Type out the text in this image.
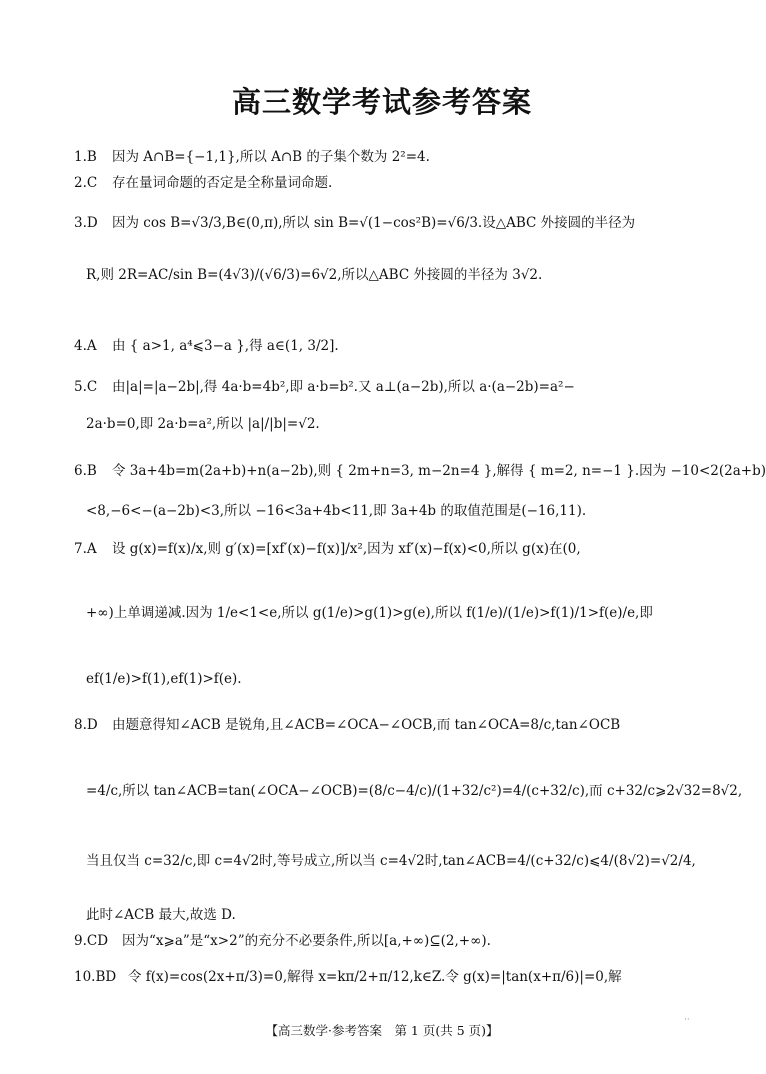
高三数学考试参考答案
1.B 因为 A∩B={−1,1},所以 A∩B 的子集个数为 2²=4.
2.C 存在量词命题的否定是全称量词命题.
3.D 因为 cos B=√3/3,B∈(0,π),所以 sin B=√(1−cos²B)=√6/3.设△ABC 外接圆的半径为
R,则 2R=AC/sin B=(4√3)/(√6/3)=6√2,所以△ABC 外接圆的半径为 3√2.
4.A 由 { a>1, a⁴⩽3−a },得 a∈(1, 3/2].
5.C 由|a|=|a−2b|,得 4a·b=4b²,即 a·b=b².又 a⊥(a−2b),所以 a·(a−2b)=a²−
2a·b=0,即 2a·b=a²,所以 |a|/|b|=√2.
6.B 令 3a+4b=m(2a+b)+n(a−2b),则 { 2m+n=3, m−2n=4 },解得 { m=2, n=−1 }.因为 −10<2(2a+b)
<8,−6<−(a−2b)<3,所以 −16<3a+4b<11,即 3a+4b 的取值范围是(−16,11).
7.A 设 g(x)=f(x)/x,则 g′(x)=[xf′(x)−f(x)]/x²,因为 xf′(x)−f(x)<0,所以 g(x)在(0,
+∞)上单调递减.因为 1/e<1<e,所以 g(1/e)>g(1)>g(e),所以 f(1/e)/(1/e)>f(1)/1>f(e)/e,即
ef(1/e)>f(1),ef(1)>f(e).
8.D 由题意得知∠ACB 是锐角,且∠ACB=∠OCA−∠OCB,而 tan∠OCA=8/c,tan∠OCB
=4/c,所以 tan∠ACB=tan(∠OCA−∠OCB)=(8/c−4/c)/(1+32/c²)=4/(c+32/c),而 c+32/c⩾2√32=8√2,
当且仅当 c=32/c,即 c=4√2时,等号成立,所以当 c=4√2时,tan∠ACB=4/(c+32/c)⩽4/(8√2)=√2/4,
此时∠ACB 最大,故选 D.
9.CD 因为“x⩾a”是“x>2”的充分不必要条件,所以[a,+∞)⊆(2,+∞).
10.BD 令 f(x)=cos(2x+π/3)=0,解得 x=kπ/2+π/12,k∈Z.令 g(x)=|tan(x+π/6)|=0,解
【高三数学·参考答案　第 1 页(共 5 页)】
··
